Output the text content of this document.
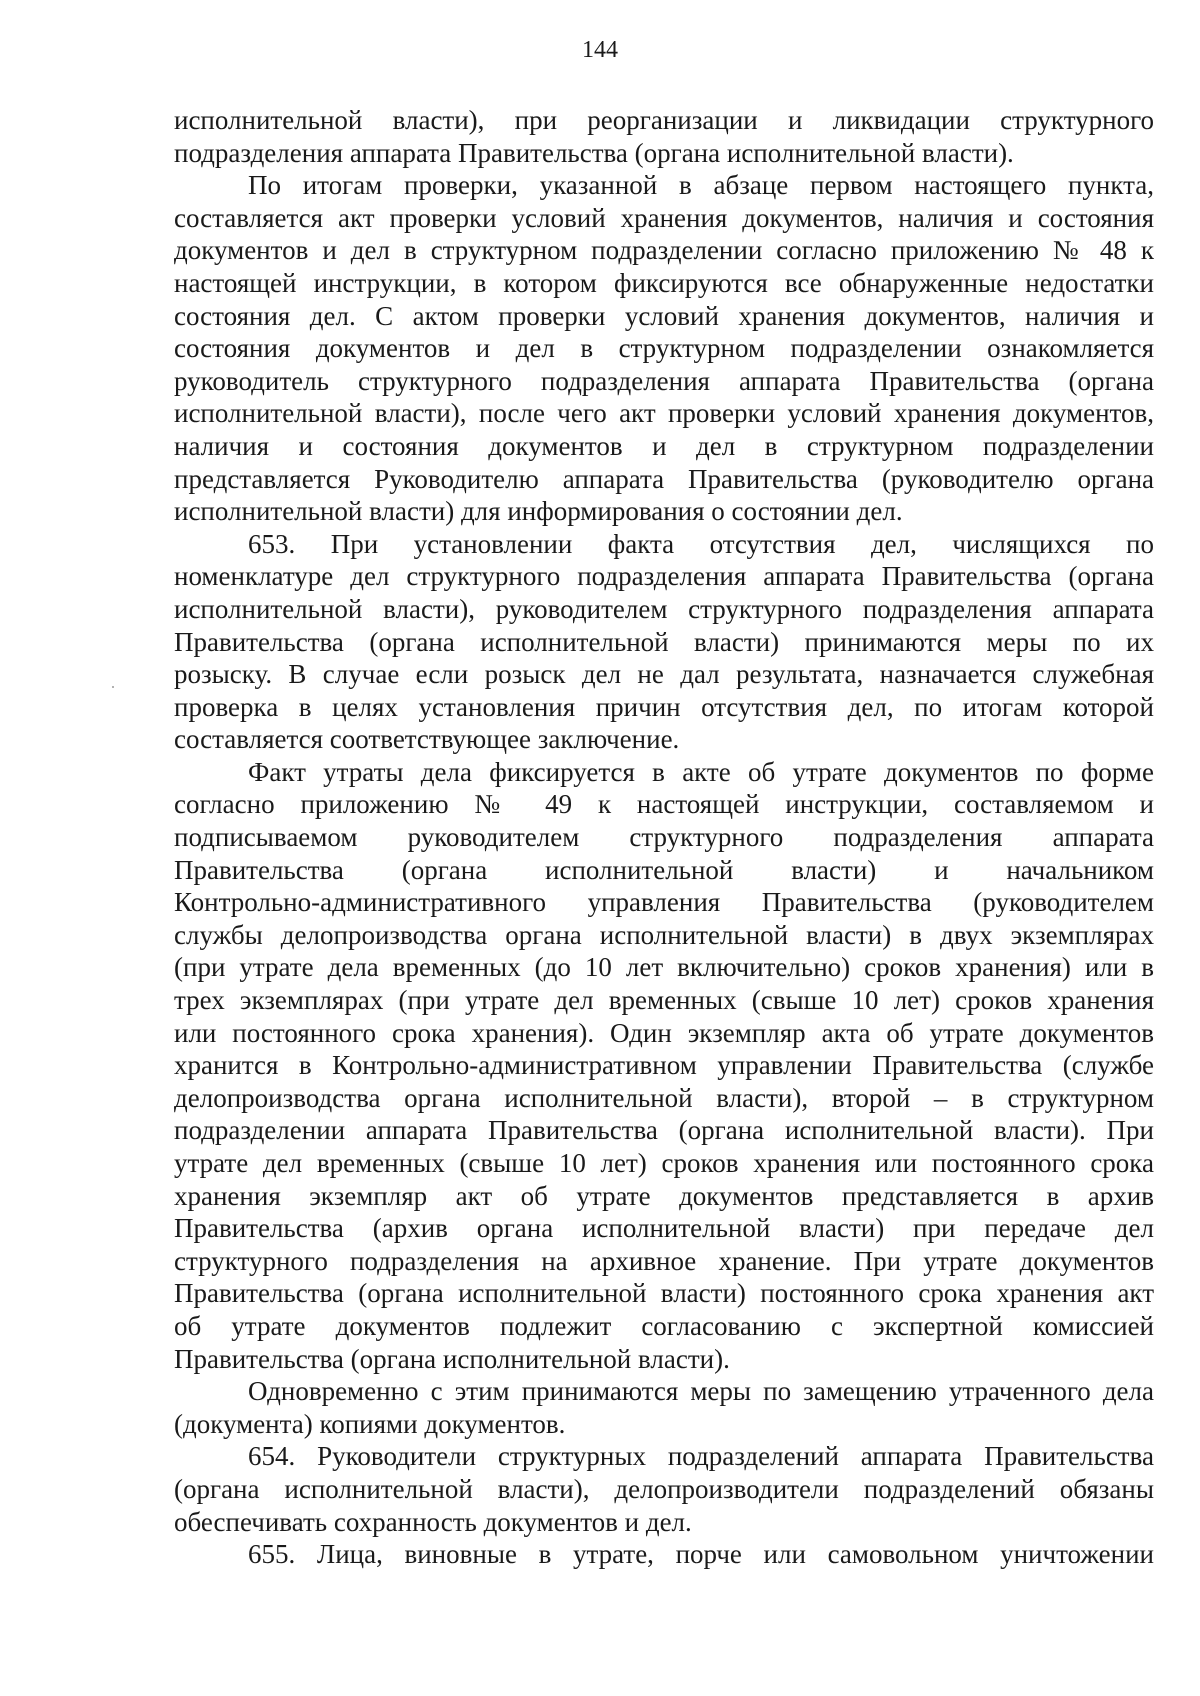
144

исполнительной власти), при реорганизации и ликвидации структурного

подразделения аппарата Правительства (органа исполнительной власти).

По итогам проверки, указанной в абзаце первом настоящего пункта,

составляется акт проверки условий хранения документов, наличия и состояния

документов и дел в структурном подразделении согласно приложению № 48 к

настоящей инструкции, в котором фиксируются все обнаруженные недостатки

состояния дел. С актом проверки условий хранения документов, наличия и

состояния документов и дел в структурном подразделении ознакомляется

руководитель структурного подразделения аппарата Правительства (органа

исполнительной власти), после чего акт проверки условий хранения документов,

наличия и состояния документов и дел в структурном подразделении

представляется Руководителю аппарата Правительства (руководителю органа

исполнительной власти) для информирования о состоянии дел.

653. При установлении факта отсутствия дел, числящихся по

номенклатуре дел структурного подразделения аппарата Правительства (органа

исполнительной власти), руководителем структурного подразделения аппарата

Правительства (органа исполнительной власти) принимаются меры по их

розыску. В случае если розыск дел не дал результата, назначается служебная

проверка в целях установления причин отсутствия дел, по итогам которой

составляется соответствующее заключение.

Факт утраты дела фиксируется в акте об утрате документов по форме

согласно приложению № 49 к настоящей инструкции, составляемом и

подписываемом руководителем структурного подразделения аппарата

Правительства (органа исполнительной власти) и начальником

Контрольно-административного управления Правительства (руководителем

службы делопроизводства органа исполнительной власти) в двух экземплярах

(при утрате дела временных (до 10 лет включительно) сроков хранения) или в

трех экземплярах (при утрате дел временных (свыше 10 лет) сроков хранения

или постоянного срока хранения). Один экземпляр акта об утрате документов

хранится в Контрольно-административном управлении Правительства (службе

делопроизводства органа исполнительной власти), второй – в структурном

подразделении аппарата Правительства (органа исполнительной власти). При

утрате дел временных (свыше 10 лет) сроков хранения или постоянного срока

хранения экземпляр акт об утрате документов представляется в архив

Правительства (архив органа исполнительной власти) при передаче дел

структурного подразделения на архивное хранение. При утрате документов

Правительства (органа исполнительной власти) постоянного срока хранения акт

об утрате документов подлежит согласованию с экспертной комиссией

Правительства (органа исполнительной власти).

Одновременно с этим принимаются меры по замещению утраченного дела

(документа) копиями документов.

654. Руководители структурных подразделений аппарата Правительства

(органа исполнительной власти), делопроизводители подразделений обязаны

обеспечивать сохранность документов и дел.

655. Лица, виновные в утрате, порче или самовольном уничтожении
